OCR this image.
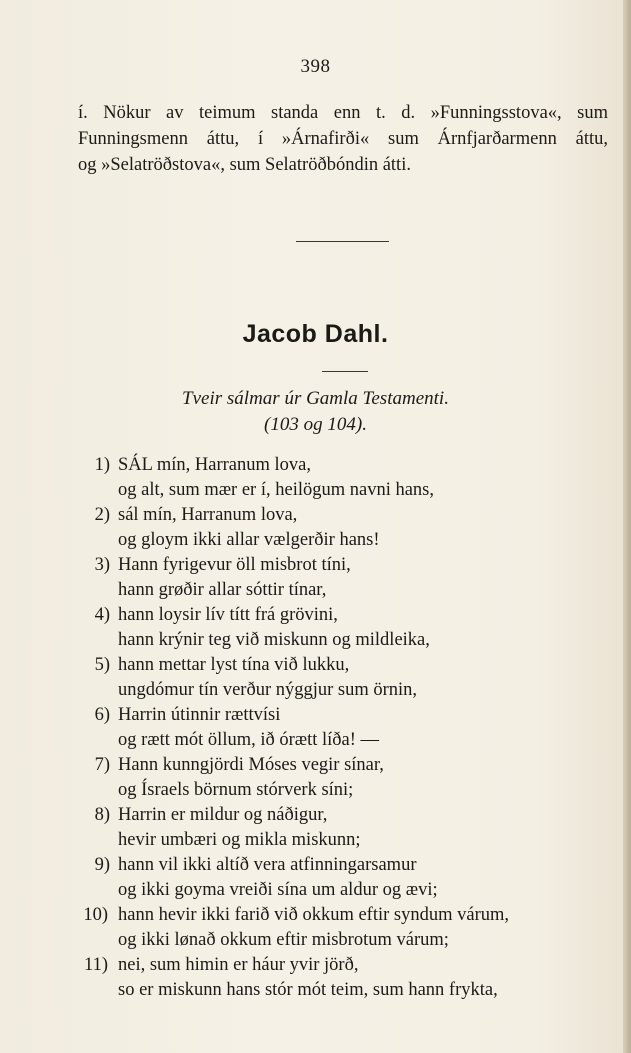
398
í. Nökur av teimum standa enn t. d. »Funningsstova«, sum
Funningsmenn áttu, í »Árnafirði« sum Árnfjarðarmenn áttu,
og »Selatröðstova«, sum Selatröðbóndin átti.
Jacob Dahl.
Tveir sálmar úr Gamla Testamenti.
(103 og 104).
1) SÁL mín, Harranum lova,
og alt, sum mær er í, heilögum navni hans,
2) sál mín, Harranum lova,
og gloym ikki allar vælgerðir hans!
3) Hann fyrigevur öll misbrot tíni,
hann grøðir allar sóttir tínar,
4) hann loysir lív títt frá grövini,
hann krýnir teg við miskunn og mildleika,
5) hann mettar lyst tína við lukku,
ungdómur tín verður nýggjur sum örnin,
6) Harrin útinnir rættvísi
og rætt mót öllum, ið órætt líða! —
7) Hann kunngjördi Móses vegir sínar,
og Ísraels börnum stórverk síni;
8) Harrin er mildur og náðigur,
hevir umbæri og mikla miskunn;
9) hann vil ikki altíð vera atfinningarsamur
og ikki goyma vreiði sína um aldur og ævi;
10) hann hevir ikki farið við okkum eftir syndum várum,
og ikki lønað okkum eftir misbrotum várum;
11) nei, sum himin er háur yvir jörð,
so er miskunn hans stór mót teim, sum hann frykta,
